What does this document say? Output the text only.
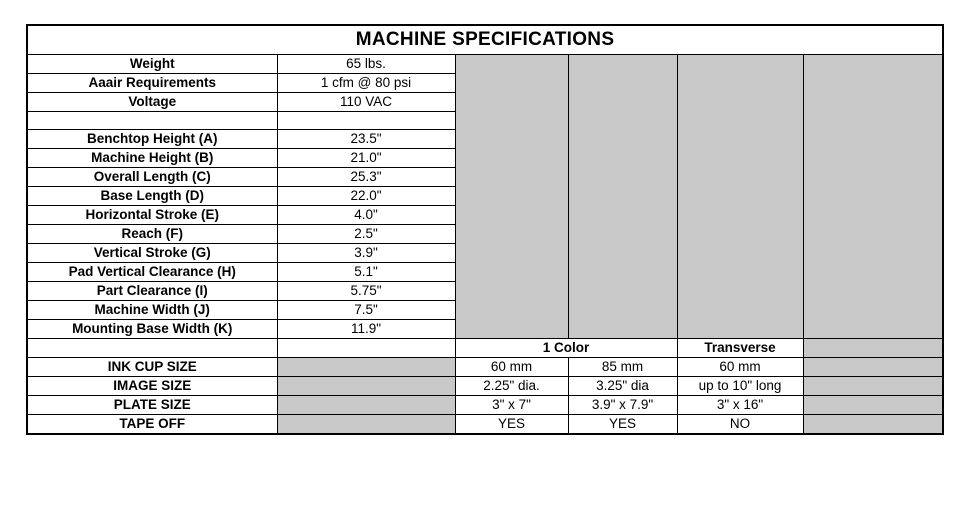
MACHINE SPECIFICATIONS					
Weight	65 lbs.				
Aaair Requirements	1 cfm @ 80 psi				
Voltage	110 VAC				

Benchtop Height (A)	23.5"				
Machine Height (B)	21.0"				
Overall Length (C)	25.3"				
Base Length (D)	22.0"				
Horizontal Stroke (E)	4.0"				
Reach (F)	2.5"				
Vertical Stroke (G)	3.9"				
Pad Vertical Clearance (H)	5.1"				
Part Clearance (I)	5.75"				
Machine Width (J)	7.5"				
Mounting Base Width (K)	11.9"				
		1 Color		Transverse	
INK CUP SIZE		60 mm	85 mm	60 mm	
IMAGE SIZE		2.25" dia.	3.25" dia	up to 10" long	
PLATE SIZE		3" x 7"	3.9" x 7.9"	3" x 16"	
TAPE OFF		YES	YES	NO	
